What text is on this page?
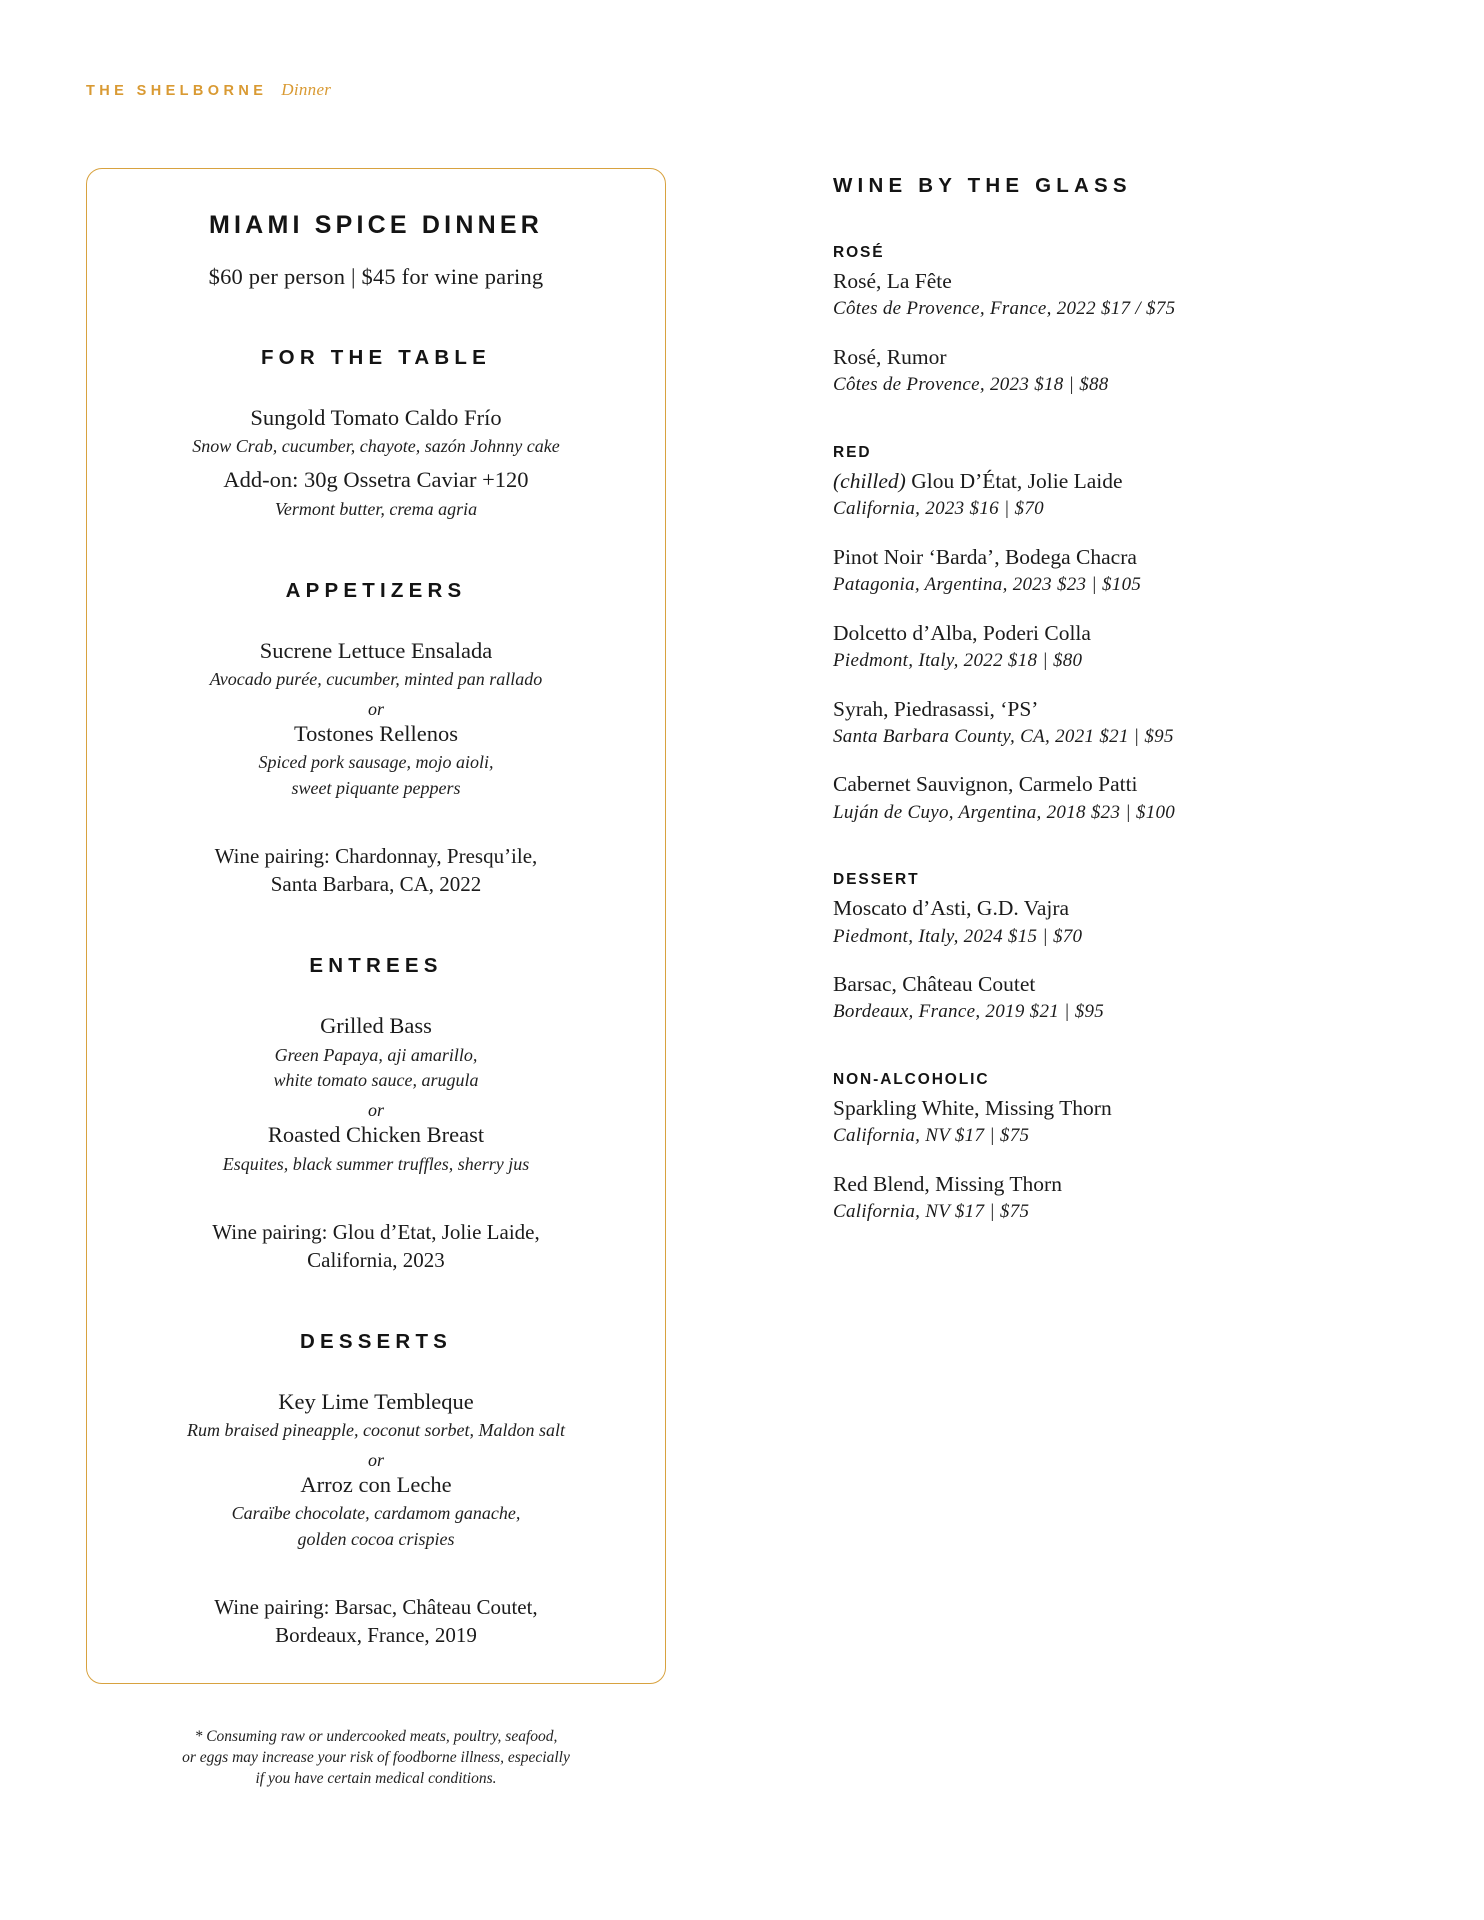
THE SHELBORNE Dinner
MIAMI SPICE DINNER

$60 per person | $45 for wine paring

FOR THE TABLE

Sungold Tomato Caldo Frío

Snow Crab, cucumber, chayote, sazón Johnny cake

Add-on: 30g Ossetra Caviar +120

Vermont butter, crema agria

APPETIZERS

Sucrene Lettuce Ensalada

Avocado purée, cucumber, minted pan rallado

or

Tostones Rellenos

Spiced pork sausage, mojo aioli,
sweet piquante peppers

Wine pairing: Chardonnay, Presqu’ile,
Santa Barbara, CA, 2022

ENTREES

Grilled Bass

Green Papaya, aji amarillo,
white tomato sauce, arugula

or

Roasted Chicken Breast

Esquites, black summer truffles, sherry jus

Wine pairing: Glou d’Etat, Jolie Laide,
California, 2023

DESSERTS

Key Lime Tembleque

Rum braised pineapple, coconut sorbet, Maldon salt

or

Arroz con Leche

Caraïbe chocolate, cardamom ganache,
golden cocoa crispies

Wine pairing: Barsac, Château Coutet,
Bordeaux, France, 2019

WINE BY THE GLASS
ROSÉ

Rosé, La Fête

Côtes de Provence, France, 2022 $17 / $75

Rosé, Rumor

Côtes de Provence, 2023 $18 | $88

RED

(chilled) Glou D’État, Jolie Laide

California, 2023 $16 | $70

Pinot Noir ‘Barda’, Bodega Chacra

Patagonia, Argentina, 2023 $23 | $105

Dolcetto d’Alba, Poderi Colla

Piedmont, Italy, 2022 $18 | $80

Syrah, Piedrasassi, ‘PS’

Santa Barbara County, CA, 2021 $21 | $95

Cabernet Sauvignon, Carmelo Patti

Luján de Cuyo, Argentina, 2018 $23 | $100

DESSERT

Moscato d’Asti, G.D. Vajra

Piedmont, Italy, 2024 $15 | $70

Barsac, Château Coutet

Bordeaux, France, 2019 $21 | $95

NON-ALCOHOLIC

Sparkling White, Missing Thorn

California, NV $17 | $75

Red Blend, Missing Thorn

California, NV $17 | $75

* Consuming raw or undercooked meats, poultry, seafood,
or eggs may increase your risk of foodborne illness, especially
if you have certain medical conditions.
